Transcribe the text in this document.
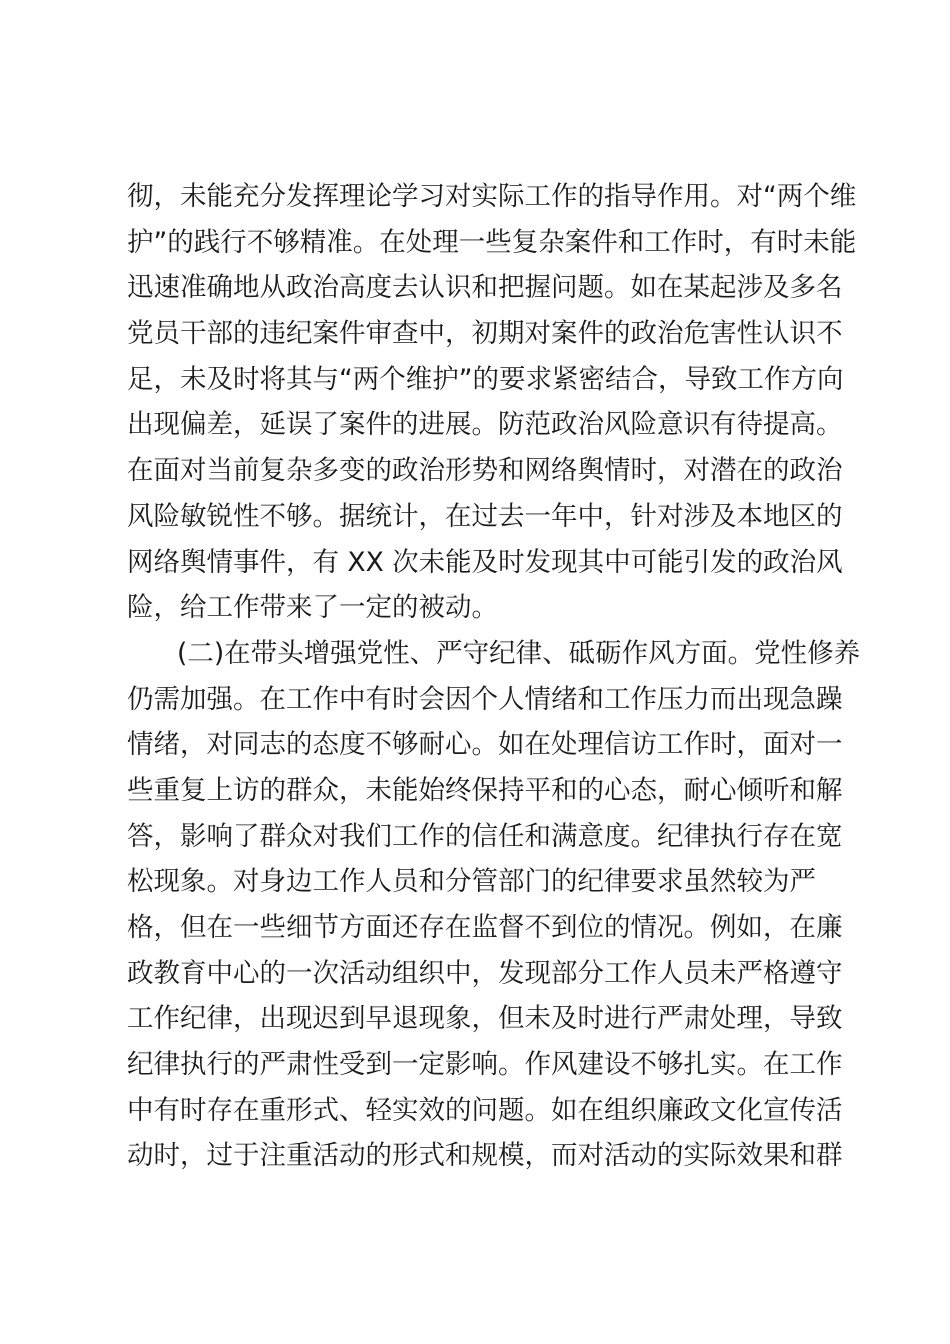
彻，未能充分发挥理论学习对实际工作的指导作用。对“两个维
护”的践行不够精准。在处理一些复杂案件和工作时，有时未能
迅速准确地从政治高度去认识和把握问题。如在某起涉及多名
党员干部的违纪案件审查中，初期对案件的政治危害性认识不
足，未及时将其与“两个维护”的要求紧密结合，导致工作方向
出现偏差，延误了案件的进展。防范政治风险意识有待提高。
在面对当前复杂多变的政治形势和网络舆情时，对潜在的政治
风险敏锐性不够。据统计，在过去一年中，针对涉及本地区的
网络舆情事件，有 XX 次未能及时发现其中可能引发的政治风
险，给工作带来了一定的被动。
(二)在带头增强党性、严守纪律、砥砺作风方面。党性修养
仍需加强。在工作中有时会因个人情绪和工作压力而出现急躁
情绪，对同志的态度不够耐心。如在处理信访工作时，面对一
些重复上访的群众，未能始终保持平和的心态，耐心倾听和解
答，影响了群众对我们工作的信任和满意度。纪律执行存在宽
松现象。对身边工作人员和分管部门的纪律要求虽然较为严
格，但在一些细节方面还存在监督不到位的情况。例如，在廉
政教育中心的一次活动组织中，发现部分工作人员未严格遵守
工作纪律，出现迟到早退现象，但未及时进行严肃处理，导致
纪律执行的严肃性受到一定影响。作风建设不够扎实。在工作
中有时存在重形式、轻实效的问题。如在组织廉政文化宣传活
动时，过于注重活动的形式和规模，而对活动的实际效果和群
